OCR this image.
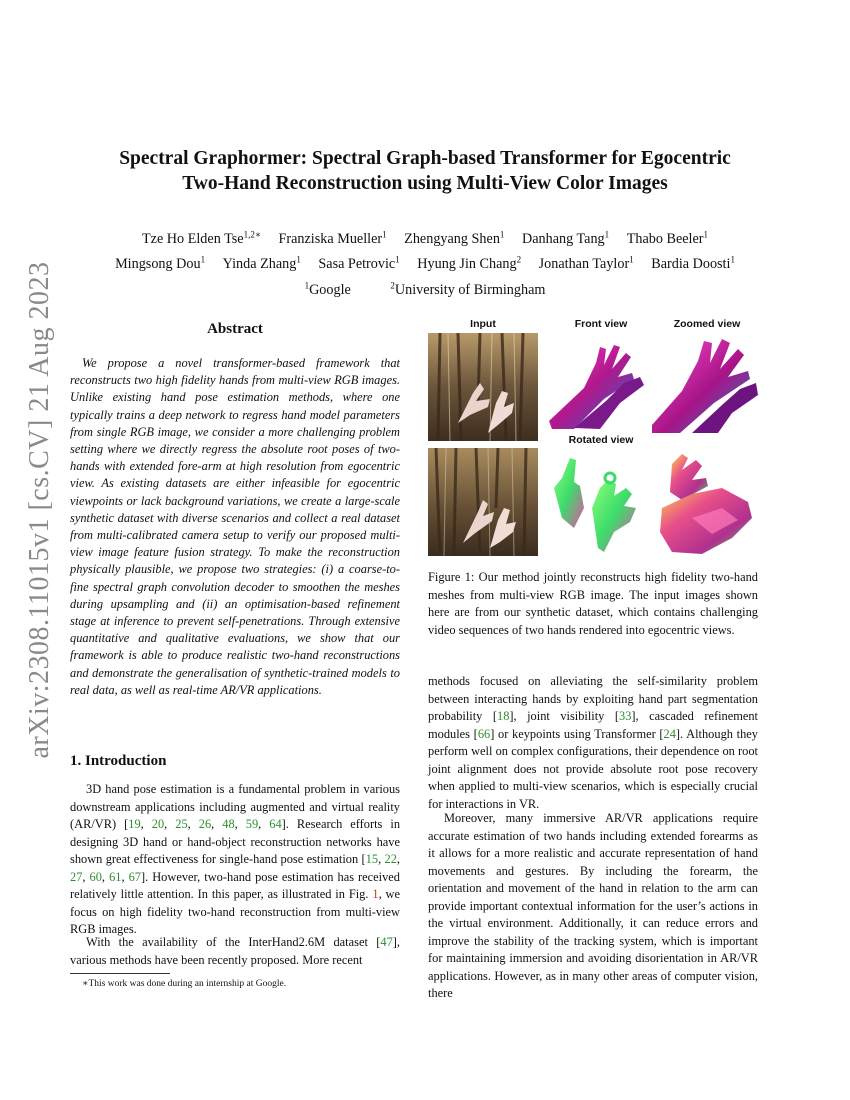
arXiv:2308.11015v1 [cs.CV] 21 Aug 2023
Spectral Graphormer: Spectral Graph-based Transformer for Egocentric
Two-Hand Reconstruction using Multi-View Color Images
Tze Ho Elden Tse$^{1,2∗}$ Franziska Mueller$^1$ Zhengyang Shen$^1$ Danhang Tang$^1$ Thabo Beeler$^1$
Mingsong Dou$^1$ Yinda Zhang$^1$ Sasa Petrovic$^1$ Hyung Jin Chang$^2$ Jonathan Taylor$^1$ Bardia Doosti$^1$
$^1$Google	$^2$University of Birmingham
Abstract

We propose a novel transformer-based framework that reconstructs two high fidelity hands from multi-view RGB images. Unlike existing hand pose estimation methods, where one typically trains a deep network to regress hand model parameters from single RGB image, we consider a more challenging problem setting where we directly regress the absolute root poses of two-hands with extended fore-arm at high resolution from egocentric view. As existing datasets are either infeasible for egocentric viewpoints or lack background variations, we create a large-scale synthetic dataset with diverse scenarios and collect a real dataset from multi-calibrated camera setup to verify our proposed multi-view image feature fusion strategy. To make the reconstruction physically plausible, we propose two strategies: (i) a coarse-to-fine spectral graph convolution decoder to smoothen the meshes during upsampling and (ii) an optimisation-based refinement stage at inference to prevent self-penetrations. Through extensive quantitative and qualitative evaluations, we show that our framework is able to produce realistic two-hand reconstructions and demonstrate the generalisation of synthetic-trained models to real data, as well as real-time AR/VR applications.

1. Introduction

3D hand pose estimation is a fundamental problem in various downstream applications including augmented and virtual reality (AR/VR) [19, 20, 25, 26, 48, 59, 64]. Research efforts in designing 3D hand or hand-object reconstruction networks have shown great effectiveness for single-hand pose estimation [15, 22, 27, 60, 61, 67]. However, two-hand pose estimation has received relatively little attention. In this paper, as illustrated in Fig. 1, we focus on high fidelity two-hand reconstruction from multi-view RGB images.

With the availability of the InterHand2.6M dataset [47], various methods have been recently proposed. More recent

∗This work was done during an internship at Google.
Input	Front view	Zoomed view
Rotated view
Figure 1: Our method jointly reconstructs high fidelity two-hand meshes from multi-view RGB image. The input images shown here are from our synthetic dataset, which contains challenging video sequences of two hands rendered into egocentric views.

methods focused on alleviating the self-similarity problem between interacting hands by exploiting hand part segmentation probability [18], joint visibility [33], cascaded refinement modules [66] or keypoints using Transformer [24]. Although they perform well on complex configurations, their dependence on root joint alignment does not provide absolute root pose recovery when applied to multi-view scenarios, which is especially crucial for interactions in VR.

Moreover, many immersive AR/VR applications require accurate estimation of two hands including extended forearms as it allows for a more realistic and accurate representation of hand movements and gestures. By including the forearm, the orientation and movement of the hand in relation to the arm can provide important contextual information for the user’s actions in the virtual environment. Additionally, it can reduce errors and improve the stability of the tracking system, which is important for maintaining immersion and avoiding disorientation in AR/VR applications. However, as in many other areas of computer vision, there
